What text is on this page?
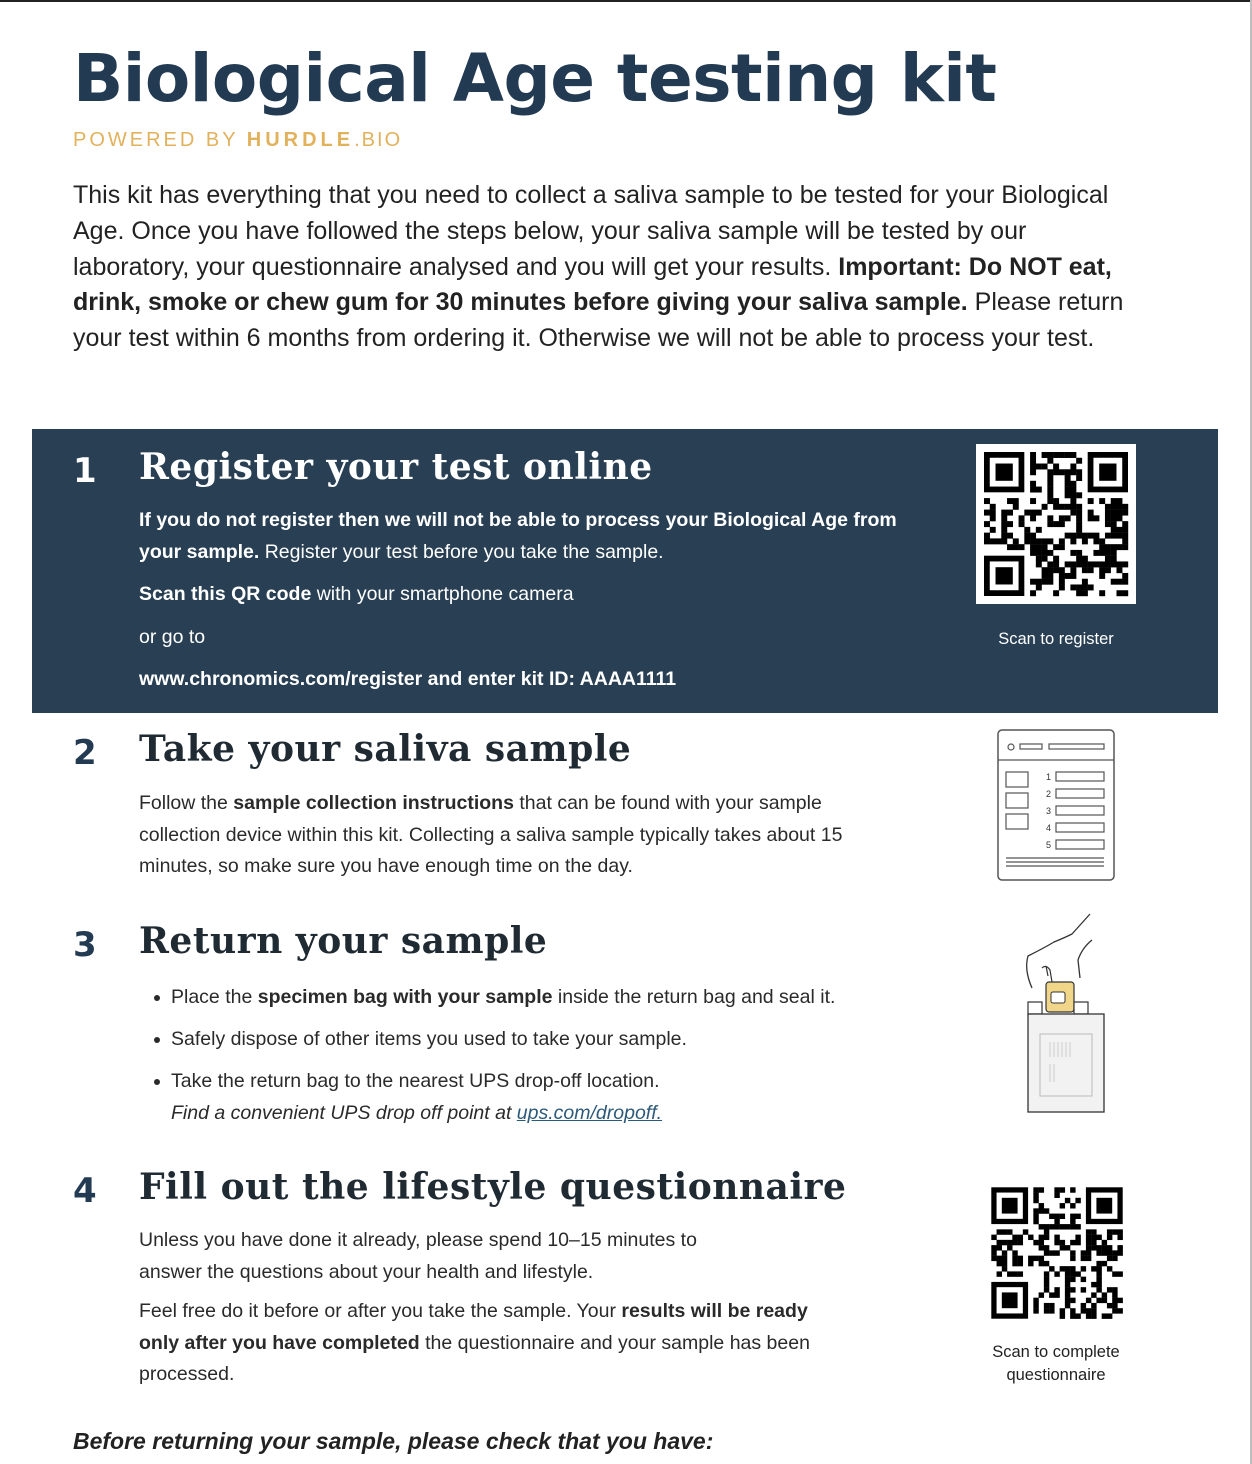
Biological Age testing kit
POWERED BY HURDLE.BIO

This kit has everything that you need to collect a saliva sample to be tested for your Biological Age. Once you have followed the steps below, your saliva sample will be tested by our laboratory, your questionnaire analysed and you will get your results. Important: Do NOT eat, drink, smoke or chew gum for 30 minutes before giving your saliva sample. Please return your test within 6 months from ordering it. Otherwise we will not be able to process your test.

1 Register your test online

If you do not register then we will not be able to process your Biological Age from your sample. Register your test before you take the sample.

Scan this QR code with your smartphone camera

or go to

www.chronomics.com/register and enter kit ID: AAAA1111

Scan to register
2 Take your saliva sample

Follow the sample collection instructions that can be found with your sample collection device within this kit. Collecting a saliva sample typically takes about 15 minutes, so make sure you have enough time on the day.

1
2
3
4
5
3 Return your sample
Place the specimen bag with your sample inside the return bag and seal it.
Safely dispose of other items you used to take your sample.
Take the return bag to the nearest UPS drop-off location.
Find a convenient UPS drop off point at ups.com/dropoff.
4 Fill out the lifestyle questionnaire
Unless you have done it already, please spend 10–15 minutes to answer the questions about your health and lifestyle.

Feel free do it before or after you take the sample. Your results will be ready only after you have completed the questionnaire and your sample has been processed.

Scan to complete questionnaire
Before returning your sample, please check that you have:
